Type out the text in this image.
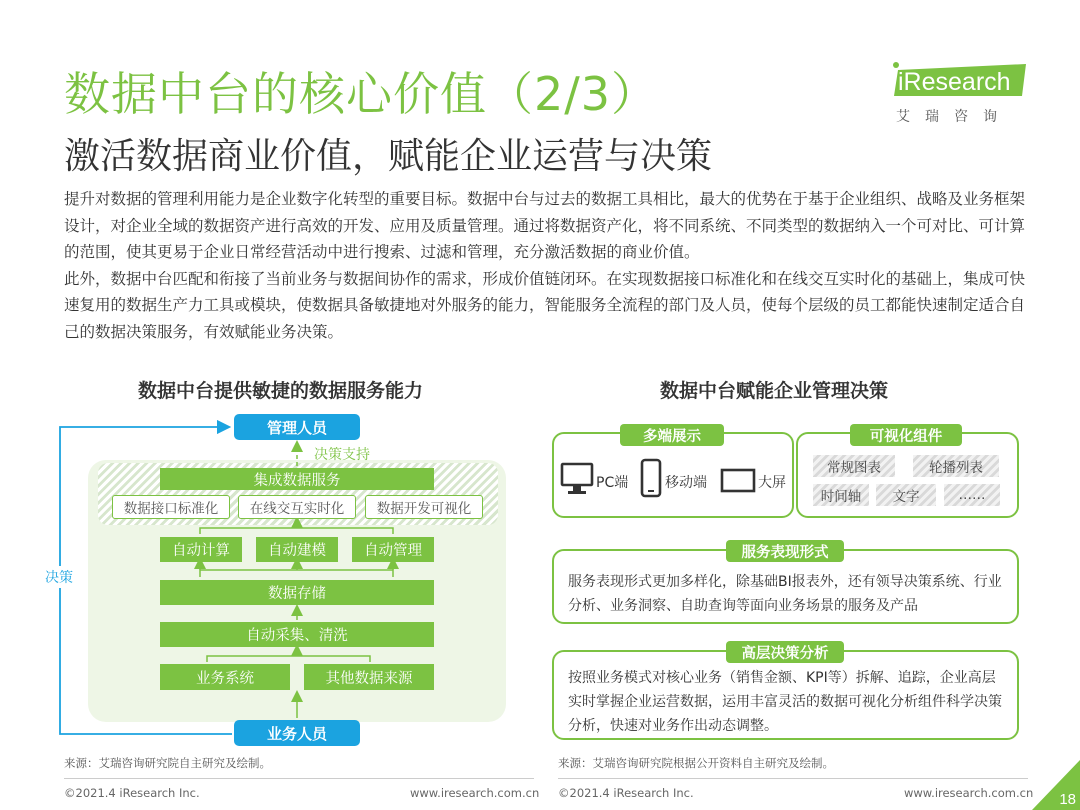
数据中台的核心价值（2/3）
激活数据商业价值，赋能企业运营与决策
iResearch
艾瑞咨询

提升对数据的管理利用能力是企业数字化转型的重要目标。数据中台与过去的数据工具相比，最大的优势在于基于企业组织、战略及业务框架设计，对企业全域的数据资产进行高效的开发、应用及质量管理。通过将数据资产化，将不同系统、不同类型的数据纳入一个可对比、可计算的范围，使其更易于企业日常经营活动中进行搜索、过滤和管理，充分激活数据的商业价值。

此外，数据中台匹配和衔接了当前业务与数据间协作的需求，形成价值链闭环。在实现数据接口标准化和在线交互实时化的基础上，集成可快速复用的数据生产力工具或模块，使数据具备敏捷地对外服务的能力，智能服务全流程的部门及人员，使每个层级的员工都能快速制定适合自己的数据决策服务，有效赋能业务决策。

数据中台提供敏捷的数据服务能力	数据中台赋能企业管理决策
管理人员
决策支持
集成数据服务
数据接口标准化	在线交互实时化	数据开发可视化
自动计算	自动建模	自动管理
数据存储
自动采集、清洗
业务系统	其他数据来源
业务人员
决策
来源：艾瑞咨询研究院自主研究及绘制。
多端展示
PC端	移动端	大屏
可视化组件
常规图表	轮播列表
时间轴	文字	……
服务表现形式
服务表现形式更加多样化，除基础BI报表外，还有领导决策系统、行业分析、业务洞察、自助查询等面向业务场景的服务及产品
高层决策分析
按照业务模式对核心业务（销售金额、KPI等）拆解、追踪，企业高层实时掌握企业运营数据，运用丰富灵活的数据可视化分析组件科学决策分析，快速对业务作出动态调整。
来源：艾瑞咨询研究院根据公开资料自主研究及绘制。
©2021.4 iResearch Inc.	www.iresearch.com.cn ©2021.4 iResearch Inc.	www.iresearch.com.cn 18
